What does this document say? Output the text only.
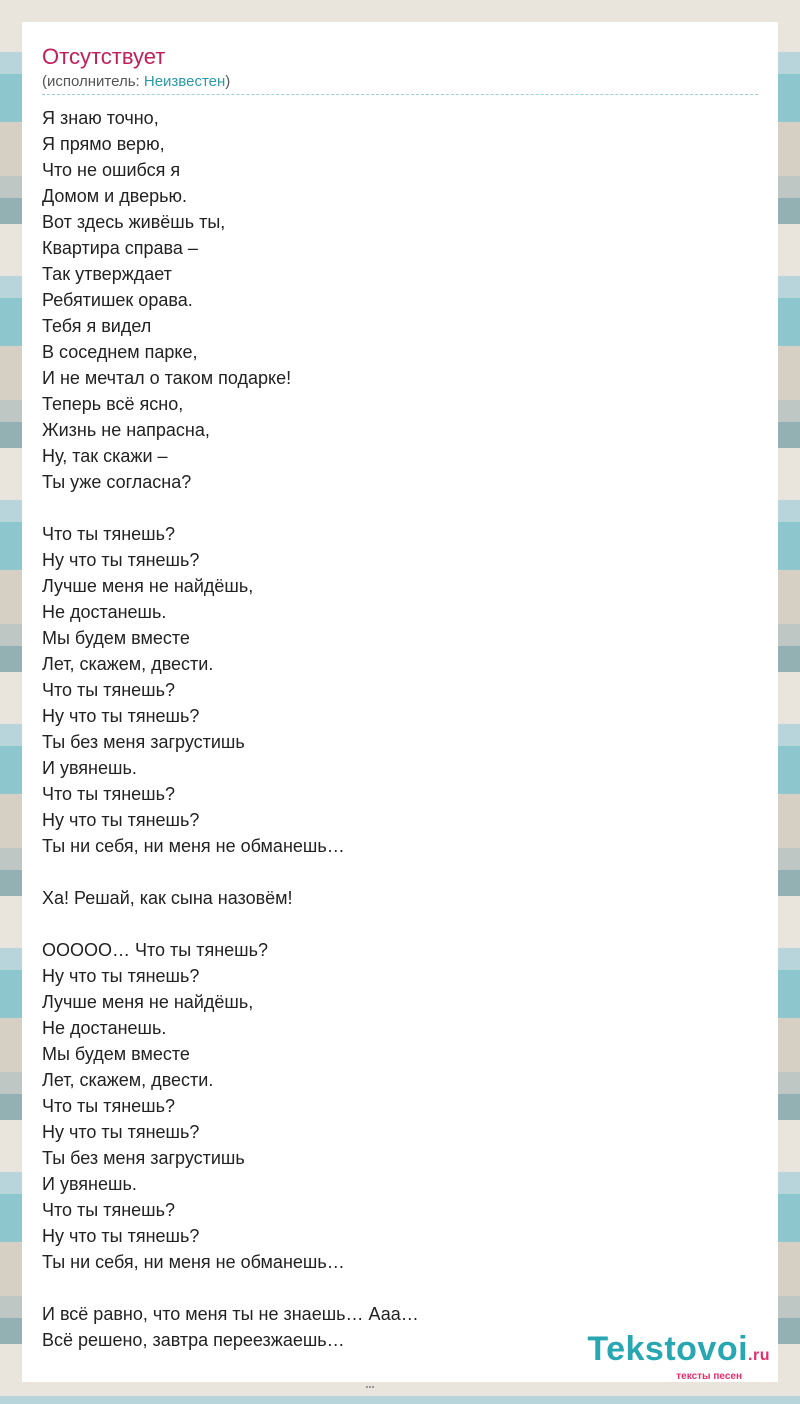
Отсутствует
(исполнитель: Неизвестен)
Я знаю точно,
Я прямо верю,
Что не ошибся я
Домом и дверью.
Вот здесь живёшь ты,
Квартира справа –
Так утверждает
Ребятишек орава.
Тебя я видел
В соседнем парке,
И не мечтал о таком подарке!
Теперь всё ясно,
Жизнь не напрасна,
Ну, так скажи –
Ты уже согласна?

Что ты тянешь?
Ну что ты тянешь?
Лучше меня не найдёшь,
Не достанешь.
Мы будем вместе
Лет, скажем, двести.
Что ты тянешь?
Ну что ты тянешь?
Ты без меня загрустишь
И увянешь.
Что ты тянешь?
Ну что ты тянешь?
Ты ни себя, ни меня не обманешь…

Ха! Решай, как сына назовём!

ООООО… Что ты тянешь?
Ну что ты тянешь?
Лучше меня не найдёшь,
Не достанешь.
Мы будем вместе
Лет, скажем, двести.
Что ты тянешь?
Ну что ты тянешь?
Ты без меня загрустишь
И увянешь.
Что ты тянешь?
Ну что ты тянешь?
Ты ни себя, ни меня не обманешь…

И всё равно, что меня ты не знаешь… Ааа…
Всё решено, завтра переезжаешь…	Tekstovoi.ru
тексты песен
